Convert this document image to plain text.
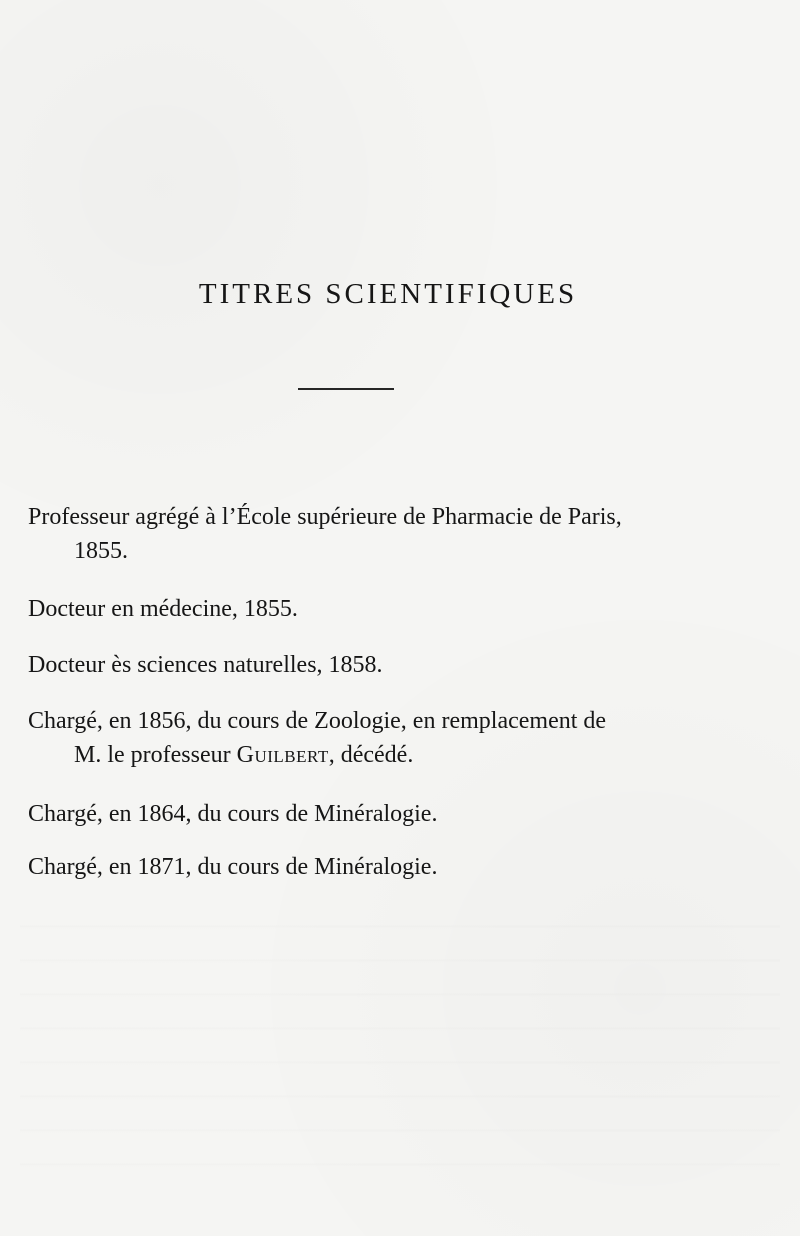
TITRES SCIENTIFIQUES

Professeur agrégé à l’École supérieure de Pharmacie de Paris,
1855.

Docteur en médecine, 1855.

Docteur ès sciences naturelles, 1858.

Chargé, en 1856, du cours de Zoologie, en remplacement de
M. le professeur Guilbert, décédé.

Chargé, en 1864, du cours de Minéralogie.

Chargé, en 1871, du cours de Minéralogie.
